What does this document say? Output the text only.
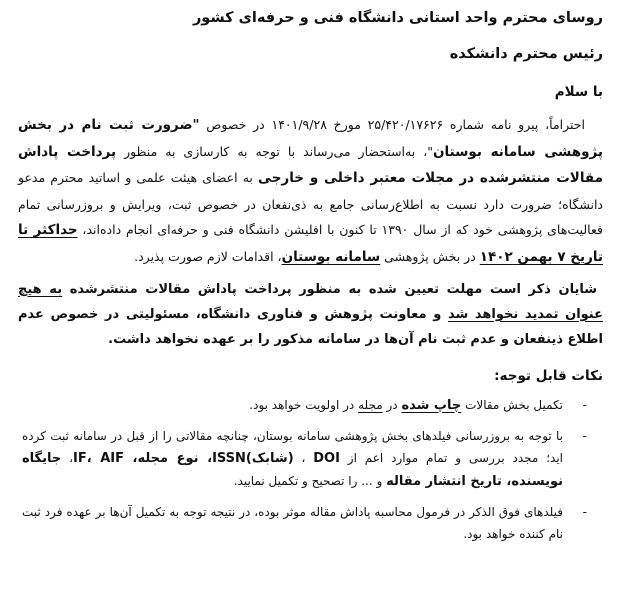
روسای محترم واحد استانی دانشگاه فنی و حرفه‌ای کشور
رئیس محترم دانشکده
با سلام
احتراماً، پیرو نامه شماره ۲۵/۴۲۰/۱۷۶۲۶ مورخ ۱۴۰۱/۹/۲۸ در خصوص "ضرورت ثبت نام در بخش پژوهشی سامانه بوستان"، به‌استحضار می‌رساند با توجه به کارسازی به منظور پرداخت پاداش مقالات منتشرشده در مجلات معتبر داخلی و خارجی به اعضای هیئت علمی و اساتید محترم مدعو دانشگاه؛ ضرورت دارد نسبت به اطلاع‌رسانی جامع به ذی‌نفعان در خصوص ثبت، ویرایش و بروزرسانی تمام فعالیت‌های پژوهشی خود که از سال ۱۳۹۰ تا کنون با افلیشن دانشگاه فنی و حرفه‌ای انجام داده‌اند، حداکثر تا تاریخ ۷ بهمن ۱۴۰۲ در بخش پژوهشی سامانه بوستان، اقدامات لازم صورت پذیرد.
شایان ذکر است مهلت تعیین شده به منظور پرداخت پاداش مقالات منتشرشده به هیچ عنوان تمدید نخواهد شد و معاونت پژوهش و فناوری دانشگاه، مسئولیتی در خصوص عدم اطلاع ذینفعان و عدم ثبت نام آن‌ها در سامانه مذکور را بر عهده نخواهد داشت.
نکات قابل توجه:
-
تکمیل بخش مقالات چاپ شده در مجله در اولویت خواهد بود.
-
با توجه به بروزرسانی فیلدهای بخش پژوهشی سامانه بوستان، چنانچه مقالاتی را از قبل در سامانه ثبت کرده اید؛ مجدد بررسی و تمام موارد اعم از DOI ، (شابک)ISSN، نوع مجله، IF، AIF، جایگاه نویسنده، تاریخ انتشار مقاله و ... را تصحیح و تکمیل نمایید.
-
فیلدهای فوق الذکر در فرمول محاسبه پاداش مقاله موثر بوده، در نتیجه توجه به تکمیل آن‌ها بر عهده فرد ثبت نام کننده خواهد بود.
